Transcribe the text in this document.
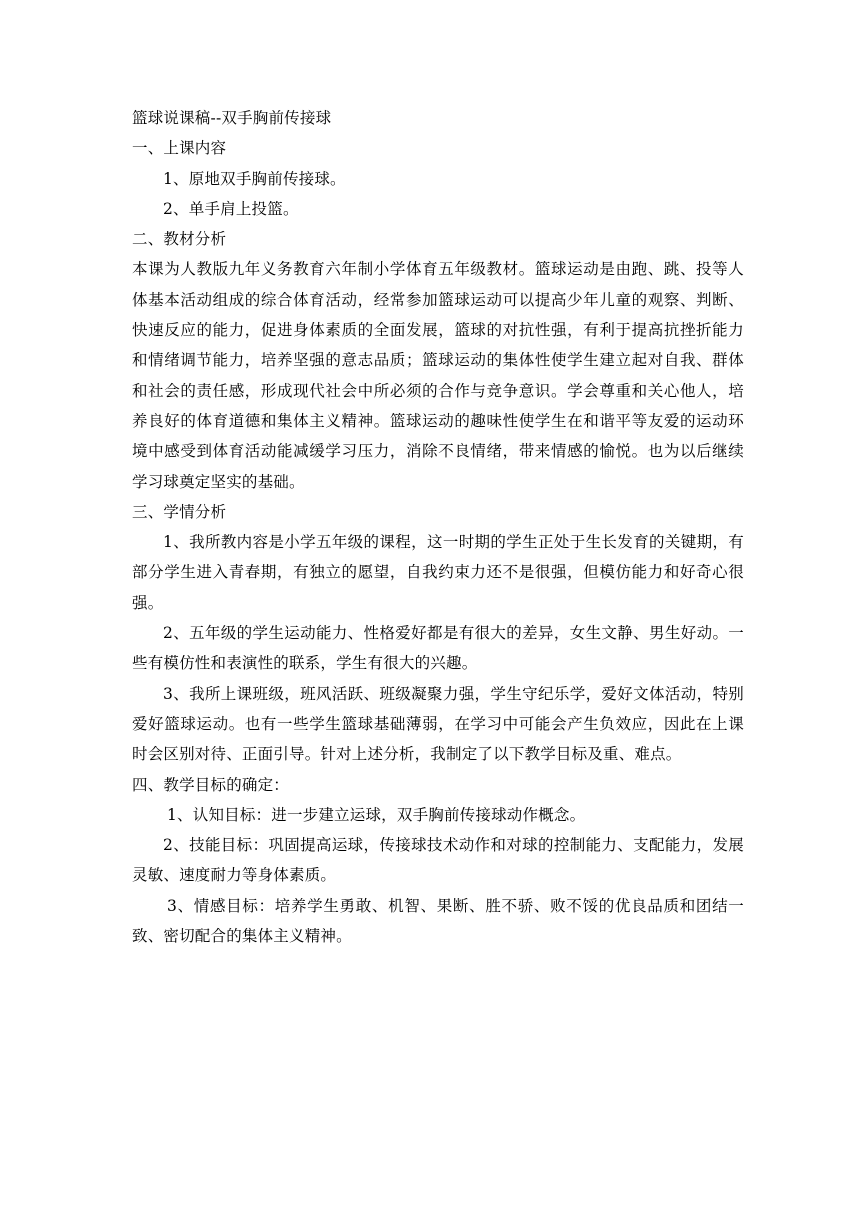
篮球说课稿--双手胸前传接球
一、上课内容
1、原地双手胸前传接球。
2、单手肩上投篮。
二、教材分析
本课为人教版九年义务教育六年制小学体育五年级教材。篮球运动是由跑、跳、投等人体基本活动组成的综合体育活动，经常参加篮球运动可以提高少年儿童的观察、判断、快速反应的能力，促进身体素质的全面发展，篮球的对抗性强，有利于提高抗挫折能力和情绪调节能力，培养坚强的意志品质；篮球运动的集体性使学生建立起对自我、群体和社会的责任感，形成现代社会中所必须的合作与竞争意识。学会尊重和关心他人，培养良好的体育道德和集体主义精神。篮球运动的趣味性使学生在和谐平等友爱的运动环境中感受到体育活动能减缓学习压力，消除不良情绪，带来情感的愉悦。也为以后继续学习球奠定坚实的基础。
三、学情分析
1、我所教内容是小学五年级的课程，这一时期的学生正处于生长发育的关键期，有部分学生进入青春期，有独立的愿望，自我约束力还不是很强，但模仿能力和好奇心很强。
2、五年级的学生运动能力、性格爱好都是有很大的差异，女生文静、男生好动。一些有模仿性和表演性的联系，学生有很大的兴趣。
3、我所上课班级，班风活跃、班级凝聚力强，学生守纪乐学，爱好文体活动，特别爱好篮球运动。也有一些学生篮球基础薄弱，在学习中可能会产生负效应，因此在上课时会区别对待、正面引导。针对上述分析，我制定了以下教学目标及重、难点。
四、教学目标的确定：
1、认知目标：进一步建立运球，双手胸前传接球动作概念。
2、技能目标：巩固提高运球，传接球技术动作和对球的控制能力、支配能力，发展灵敏、速度耐力等身体素质。
3、情感目标：培养学生勇敢、机智、果断、胜不骄、败不馁的优良品质和团结一致、密切配合的集体主义精神。
